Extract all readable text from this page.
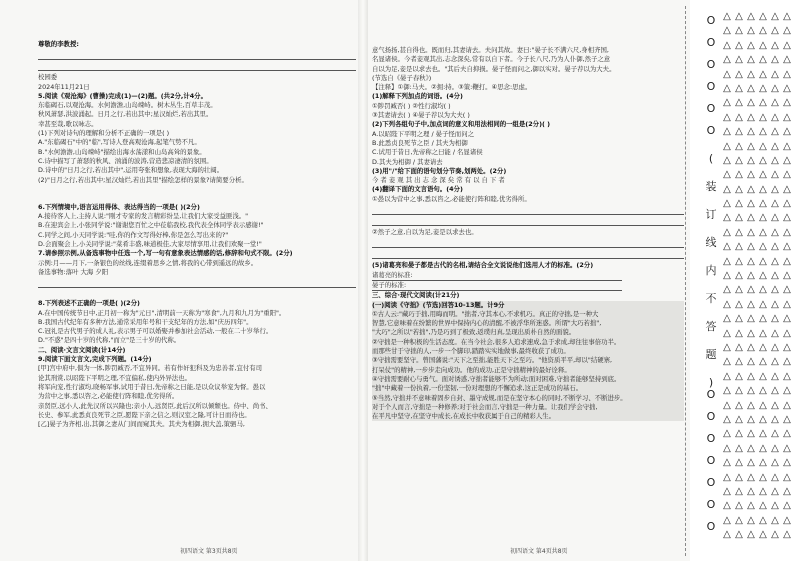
尊敬的李教授:
校园委
2024年11月21日
5.阅读《观沧海》(曹操)完成(1)—(2)题。(共2分,计4分。
东临碣石,以观沧海。水何澹澹,山岛竦峙。树木丛生,百草丰茂。
秋风萧瑟,洪波涌起。日月之行,若出其中;星汉灿烂,若出其里。
幸甚至哉,歌以咏志。
(1)下列对诗句的理解和分析不正确的一项是( )
A."东临碣石"中的"临",写诗人登高观沧海,起笔气势不凡。
B."水何澹澹,山岛竦峙"描绘出海水荡漾和山岛高耸的景象。
C.诗中描写了萧瑟的秋风、汹涌的波涛,营造悲凉凄清的氛围。
D.诗中的"日月之行,若出其中",运用夸张和想象,表现大海的壮阔。
(2)"日月之行,若出其中;星汉灿烂,若出其里"描绘怎样的景象?请简要分析。
6.下列情境中,语言运用得体、表达得当的一项是( )(2分)
A.接待客人上,主持人说:"刚才专家的发言精彩纷呈,让我们大家受益匪浅。"
B.在迎宾会上,小张同学说:"谢谢您百忙之中莅临我校,我代表全体同学表示感谢!"
C.同学之间,小天同学说:"哇,你的作文写得好棒,你是怎么写出来的?"
D.会面聚会上,小关同学说:"菜肴丰盛,味道极佳,大家尽情享用,让我们欢聚一堂!"
7.请参照示例,从备选事物中任选一个,写一句有意象表达情感的话,修辞和句式不限。(2分)
示例:月——月下,一条银色的丝线,连缀着思乡之情,将我的心带到遥远的故乡。
备选事物:落叶 大海 夕阳
8.下列表述不正确的一项是( )(2分)
A.在中国传统节日中,正月初一称为"元日",清明前一天称为"寒食",九月和九月为"重阳"。
B.我国古代纪年有多种方法,通常采用年号和干支纪年的方法,如"庆历四年"。
C.冠礼是古代男子的成人礼,表示男子可以婚娶并参加社会活动,一般在二十岁举行。
D."不惑"是四十岁的代称,"而立"是三十岁的代称。
二、阅读·文言文阅读(计14分)
9.阅读下面文言文,完成下列题。(14分)
[甲]宫中府中,俱为一体,陟罚臧否,不宜异同。若有作奸犯科及为忠善者,宜付有司
论其刑赏,以昭陛下平明之理,不宜偏私,使内外异法也。
将军向宠,性行淑均,晓畅军事,试用于昔日,先帝称之曰能,是以众议举宠为督。愚以
为营中之事,悉以咨之,必能使行阵和睦,优劣得所。
亲贤臣,远小人,此先汉所以兴隆也;亲小人,远贤臣,此后汉所以倾颓也。侍中、尚书、
长史、参军,此悉贞良死节之臣,愿陛下亲之信之,则汉室之隆,可计日而待也。
[乙]晏子为齐相,出,其御之妻从门间而窥其夫。其夫为相御,拥大盖,策驷马,
初四语文 第3页共8页
意气扬扬,甚自得也。既而归,其妻请去。夫问其故。妻曰:"晏子长不满六尺,身相齐国,
名显诸侯。今者妾观其出,志念深矣,常有以自下者。今子长八尺,乃为人仆御,然子之意
自以为足,妾是以求去也。"其后夫自抑损。晏子怪而问之,御以实对。晏子荐以为大夫。
(节选自《晏子春秋》)
【注释】①御:马夫。②拥:持。③策:鞭打。④思念:思虑。
(1)解释下列加点的词语。(4分)
①陟罚臧否( ) ②性行淑均( )
③其妻请去( ) ④晏子荐以为大夫( )
(2)下列各组句子中,加点词的意义和用法相同的一组是(2分)( )
A.以昭陛下平明之理 / 晏子怪而问之
B.此悉贞良死节之臣 / 其夫为相御
C.试用于昔日,先帝称之曰能 / 名显诸侯
D.其夫为相御 / 其妻请去
(3)用"/"给下面的语句划分节奏,划两处。(2分)
今 者 妾 观 其 出 志 念 深 矣 常 有 以 自 下 者
(4)翻译下面的文言语句。(4分)
①愚以为营中之事,悉以咨之,必能使行阵和睦,优劣得所。
②然子之意,自以为足,妾是以求去也。
(5)诸葛亮和晏子都是古代的名相,请结合全文说说他们选用人才的标准。(2分)
诸葛亮的标准:
晏子的标准:
三、综合·现代文阅读(计21分)
(一)阅读《守拙》(节选)回答10-13题。计9分
①古人云:"藏巧于拙,用晦而明。"拙者,守其本心,不求机巧。真正的守拙,是一种大
智慧,它意味着在纷繁的世界中保持内心的清醒,不被浮华所迷惑。所谓"大巧若拙",
"大巧"之所以"若拙",乃是巧到了极致,返璞归真,呈现出质朴自然的面貌。
②守拙是一种积极的生活态度。在当今社会,很多人追求速成,急于求成,却往往事倍功半。
而那些甘于守拙的人,一步一个脚印,踏踏实实地做事,最终收获了成功。
③守拙需要坚守。曾国藩说:"天下之至拙,能胜天下之至巧。"他资质平平,却以"结硬寨,
打呆仗"的精神,一步步走向成功。他的成功,正是守拙精神的最好诠释。
④守拙需要耐心与勇气。面对诱惑,守拙者能够不为所动;面对困难,守拙者能够坚持到底。
"拙"中藏着一份执着,一份坚韧,一份对理想的不懈追求,这正是成功的基石。
⑤当然,守拙并不意味着固步自封、墨守成规,而是在坚守本心的同时,不断学习、不断进步。
对于个人而言,守拙是一种修养;对于社会而言,守拙是一种力量。让我们学会守拙,
在平凡中坚守,在坚守中成长,在成长中收获属于自己的精彩人生。
初四语文 第4页共8页
O
O
O
O
O
O
O
O
O
O
O
O
O
(
装
订
线
内
不
答
题
)
△
△
△
△
△
△
△
△
△
△
△
△
△
△
△
△
△
△
△
△
△
△
△
△
△
△
△
△
△
△
△
△
△
△
△
△
△
△
△
△
△
△
△
△
△
△
△
△
△
△
△
△
△
△
△
△
△
△
△
△
△
△
△
△
△
△
△
△
△
△
△
△
△
△
△
△
△
△
△
△
△
△
△
△
△
△
△
△
△
△
△
△
△
△
△
△
△
△
△
△
△
△
△
△
△
△
△
△
△
△
△
△
△
△
△
△
△
△
△
△
△
△
△
△
△
△
△
△
△
△
△
△
△
△
△
△
△
△
△
△
△
△
△
△
△
△
△
△
△
△
△
△
△
△
△
△
△
△
△
△
△
△
△
△
△
△
△
△
△
△
△
△
△
△
△
△
△
△
△
△
△
△
△
△
△
△
△
△
△
△
△
△
△
△
△
△
△
△
△
△
△
△
△
△
△
△
△
△
△
△
△
△
△
△
△
△
△
△
△
△
△
△
